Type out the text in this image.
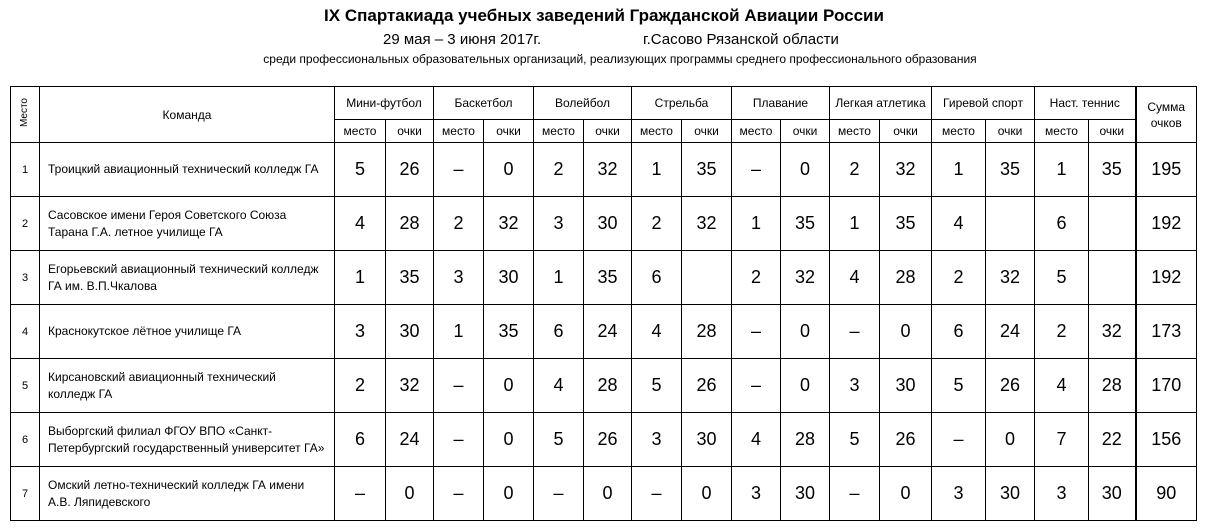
IX Спартакиада учебных заведений Гражданской Авиации России
29 мая – 3 июня 2017г.	г.Сасово Рязанской области
среди профессиональных образовательных организаций, реализующих программы среднего профессионального образования
Место	Команда	Мини-футбол		Баскетбол		Волейбол		Стрельба		Плавание		Легкая атлетика		Гиревой спорт		Наст. теннис		Сумма очков
		место	очки	место	очки	место	очки	место	очки	место	очки	место	очки	место	очки	место	очки	
1	Троицкий авиационный технический колледж ГА	5	26	–	0	2	32	1	35	–	0	2	32	1	35	1	35	195
2	Сасовское имени Героя Советского Союза Тарана Г.А. летное училище ГА	4	28	2	32	3	30	2	32	1	35	1	35	4		6		192
3	Егорьевский авиационный технический колледж ГА им. В.П.Чкалова	1	35	3	30	1	35	6		2	32	4	28	2	32	5		192
4	Краснокутское лётное училище ГА	3	30	1	35	6	24	4	28	–	0	–	0	6	24	2	32	173
5	Кирсановский авиационный технический колледж ГА	2	32	–	0	4	28	5	26	–	0	3	30	5	26	4	28	170
6	Выборгский филиал ФГОУ ВПО «Санкт-Петербургский государственный университет ГА»	6	24	–	0	5	26	3	30	4	28	5	26	–	0	7	22	156
7	Омский летно-технический колледж ГА имени А.В. Ляпидевского	–	0	–	0	–	0	–	0	3	30	–	0	3	30	3	30	90
